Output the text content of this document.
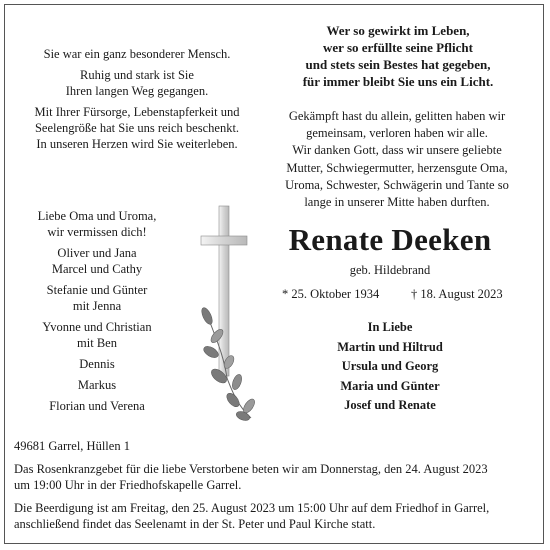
Sie war ein ganz besonderer Mensch.
Ruhig und stark ist Sie
Ihren langen Weg gegangen.
Mit Ihrer Fürsorge, Lebenstapferkeit und
Seelengröße hat Sie uns reich beschenkt.
In unseren Herzen wird Sie weiterleben.
Wer so gewirkt im Leben,
wer so erfüllte seine Pflicht
und stets sein Bestes hat gegeben,
für immer bleibt Sie uns ein Licht.
Gekämpft hast du allein, gelitten haben wir
gemeinsam, verloren haben wir alle.
Wir danken Gott, dass wir unsere geliebte
Mutter, Schwiegermutter, herzensgute Oma,
Uroma, Schwester, Schwägerin und Tante so
lange in unserer Mitte haben durften.
Liebe Oma und Uroma,
wir vermissen dich!
Oliver und Jana
Marcel und Cathy
Stefanie und Günter
mit Jenna
Yvonne und Christian
mit Ben
Dennis
Markus
Florian und Verena
Renate Deeken
geb. Hildebrand
* 25. Oktober 1934	† 18. August 2023
In Liebe
Martin und Hiltrud
Ursula und Georg
Maria und Günter
Josef und Renate
49681 Garrel, Hüllen 1
Das Rosenkranzgebet für die liebe Verstorbene beten wir am Donnerstag, den 24. August 2023
um 19:00 Uhr in der Friedhofskapelle Garrel.
Die Beerdigung ist am Freitag, den 25. August 2023 um 15:00 Uhr auf dem Friedhof in Garrel,
anschließend findet das Seelenamt in der St. Peter und Paul Kirche statt.
